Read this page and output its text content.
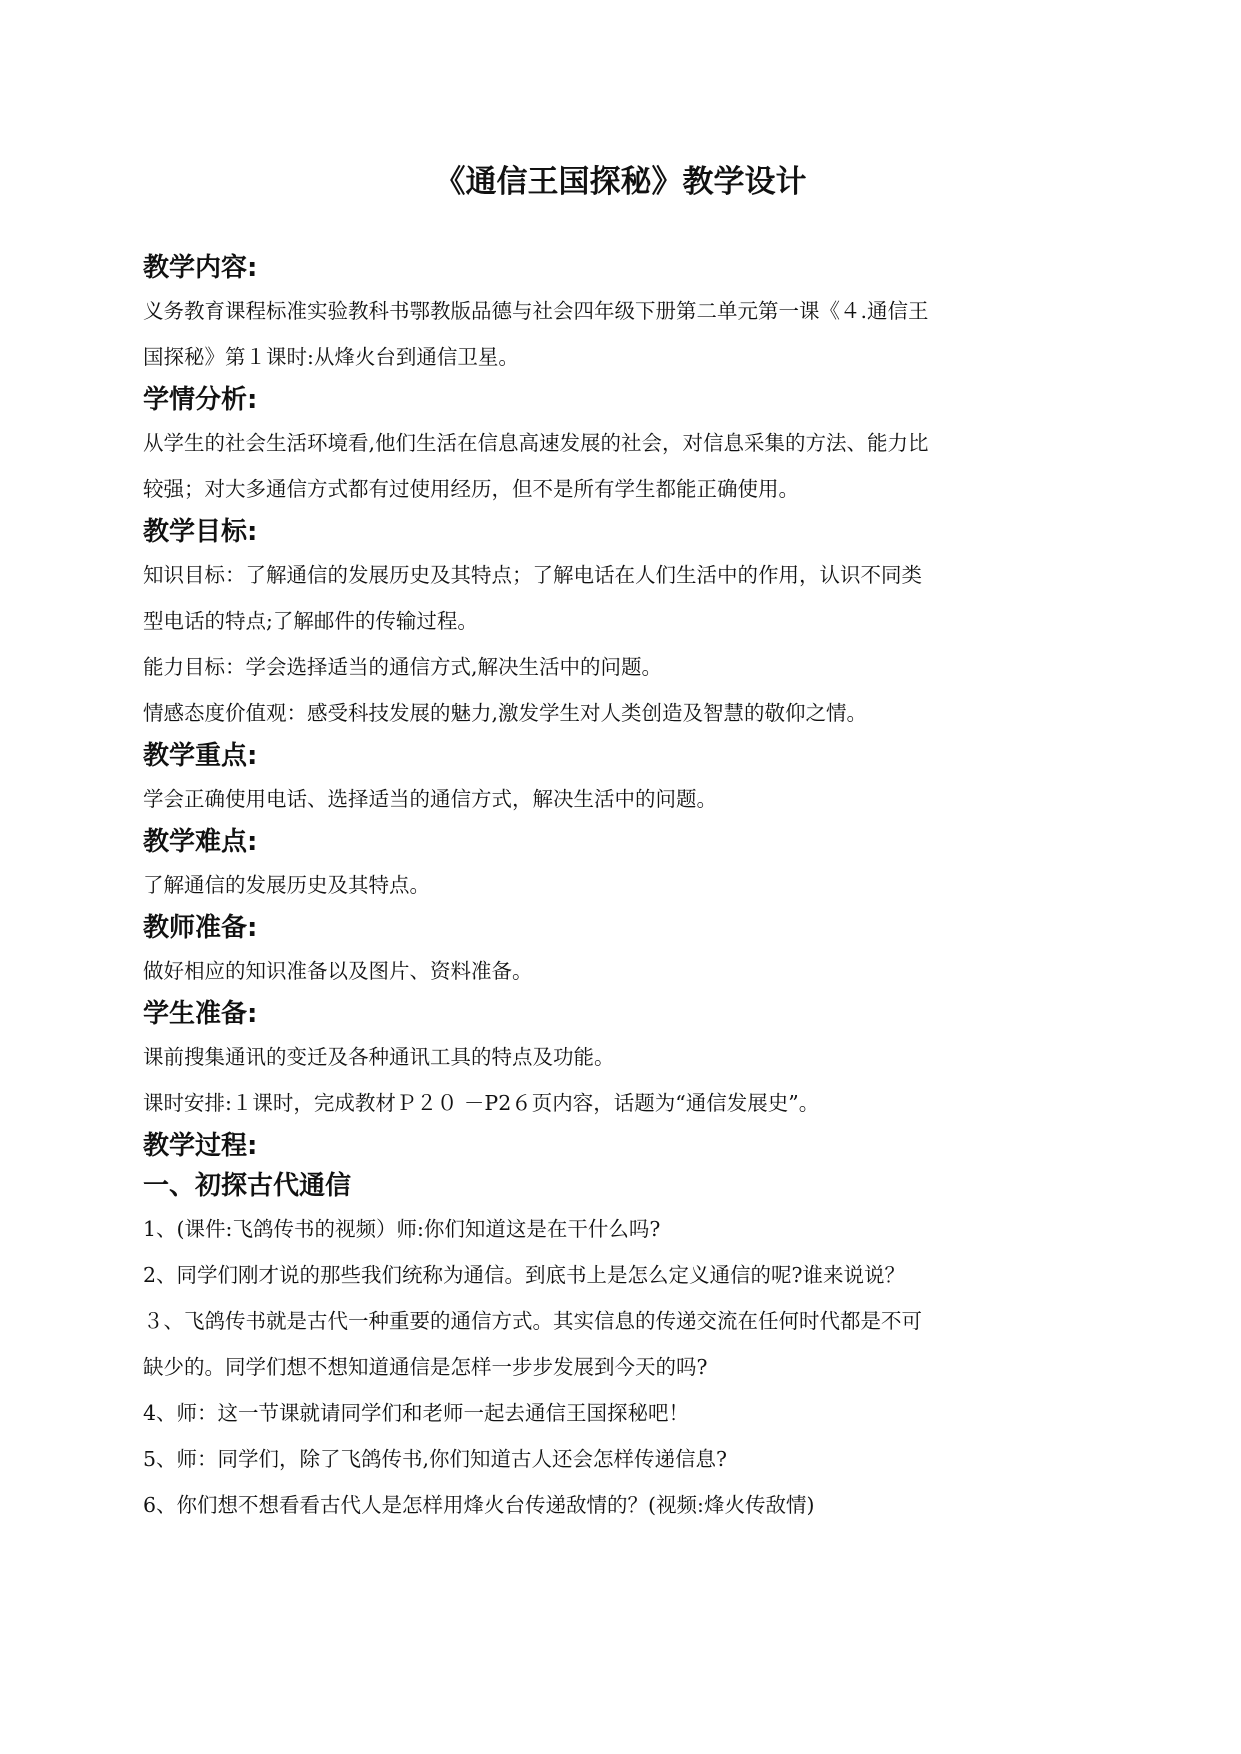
《通信王国探秘》教学设计
教学内容:
义务教育课程标准实验教科书鄂教版品德与社会四年级下册第二单元第一课《４.通信王
国探秘》第１课时:从烽火台到通信卫星。
学情分析:
从学生的社会生活环境看,他们生活在信息高速发展的社会，对信息采集的方法、能力比
较强；对大多通信方式都有过使用经历，但不是所有学生都能正确使用。
教学目标:
知识目标：了解通信的发展历史及其特点；了解电话在人们生活中的作用，认识不同类
型电话的特点;了解邮件的传输过程。
能力目标：学会选择适当的通信方式,解决生活中的问题。
情感态度价值观：感受科技发展的魅力,激发学生对人类创造及智慧的敬仰之情。
教学重点:
学会正确使用电话、选择适当的通信方式，解决生活中的问题。
教学难点:
了解通信的发展历史及其特点。
教师准备:
做好相应的知识准备以及图片、资料准备。
学生准备:
课前搜集通讯的变迁及各种通讯工具的特点及功能。
课时安排:１课时，完成教材Ｐ２０ －P2６页内容，话题为“通信发展史”。
教学过程:
一、初探古代通信
1、(课件:飞鸽传书的视频）师:你们知道这是在干什么吗?
2、同学们刚才说的那些我们统称为通信。到底书上是怎么定义通信的呢?谁来说说？
３、飞鸽传书就是古代一种重要的通信方式。其实信息的传递交流在任何时代都是不可
缺少的。同学们想不想知道通信是怎样一步步发展到今天的吗?
4、师：这一节课就请同学们和老师一起去通信王国探秘吧！
5、师：同学们，除了飞鸽传书,你们知道古人还会怎样传递信息?
6、你们想不想看看古代人是怎样用烽火台传递敌情的？(视频:烽火传敌情)
